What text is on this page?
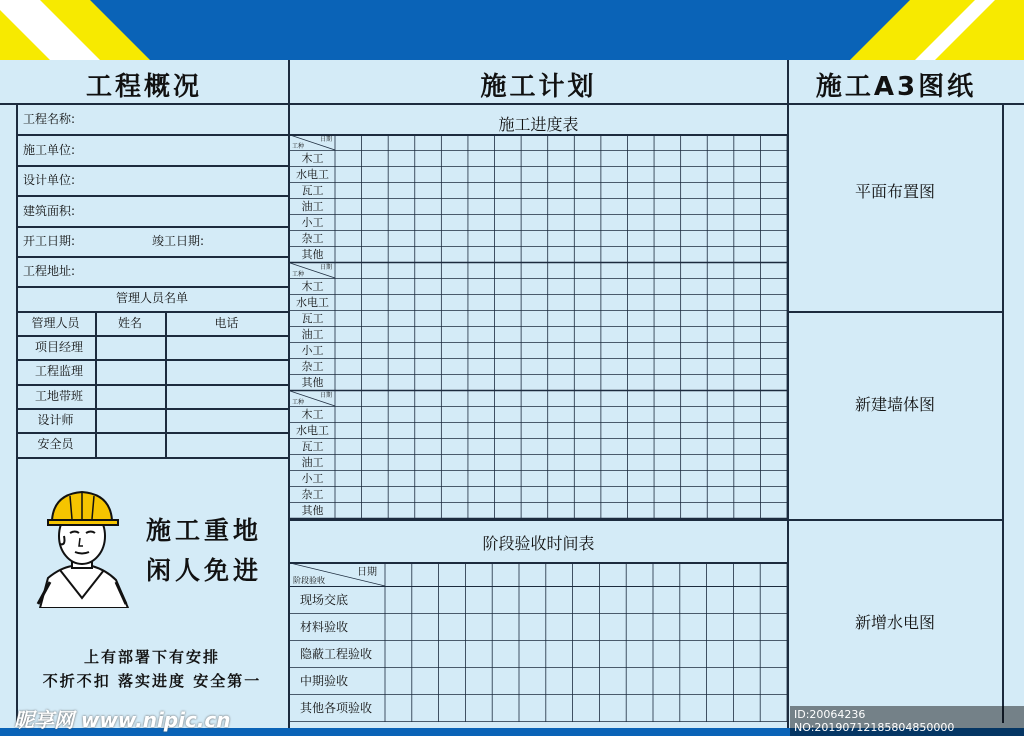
工程概况	施工计划	施工A3图纸
工程名称:
施工单位:
设计单位:
建筑面积:
开工日期:	竣工日期:
工程地址:
管理人员名单
管理人员	姓名	电话
项目经理
工程监理
工地带班
设计师
安全员
施工重地
闲人免进
上有部署下有安排
不折不扣 落实进度 安全第一
施工进度表
日期
工种
木工
水电工
瓦工
油工
小工
杂工
其他
日期
工种
木工
水电工
瓦工
油工
小工
杂工
其他
日期
工种
木工
水电工
瓦工
油工
小工
杂工
其他
阶段验收时间表
日期
阶段验收
现场交底
材料验收
隐蔽工程验收
中期验收
其他各项验收
平面布置图
新建墙体图
新增水电图
昵享网 www.nipic.cn	ID:20064236 NO:20190712185804850000
